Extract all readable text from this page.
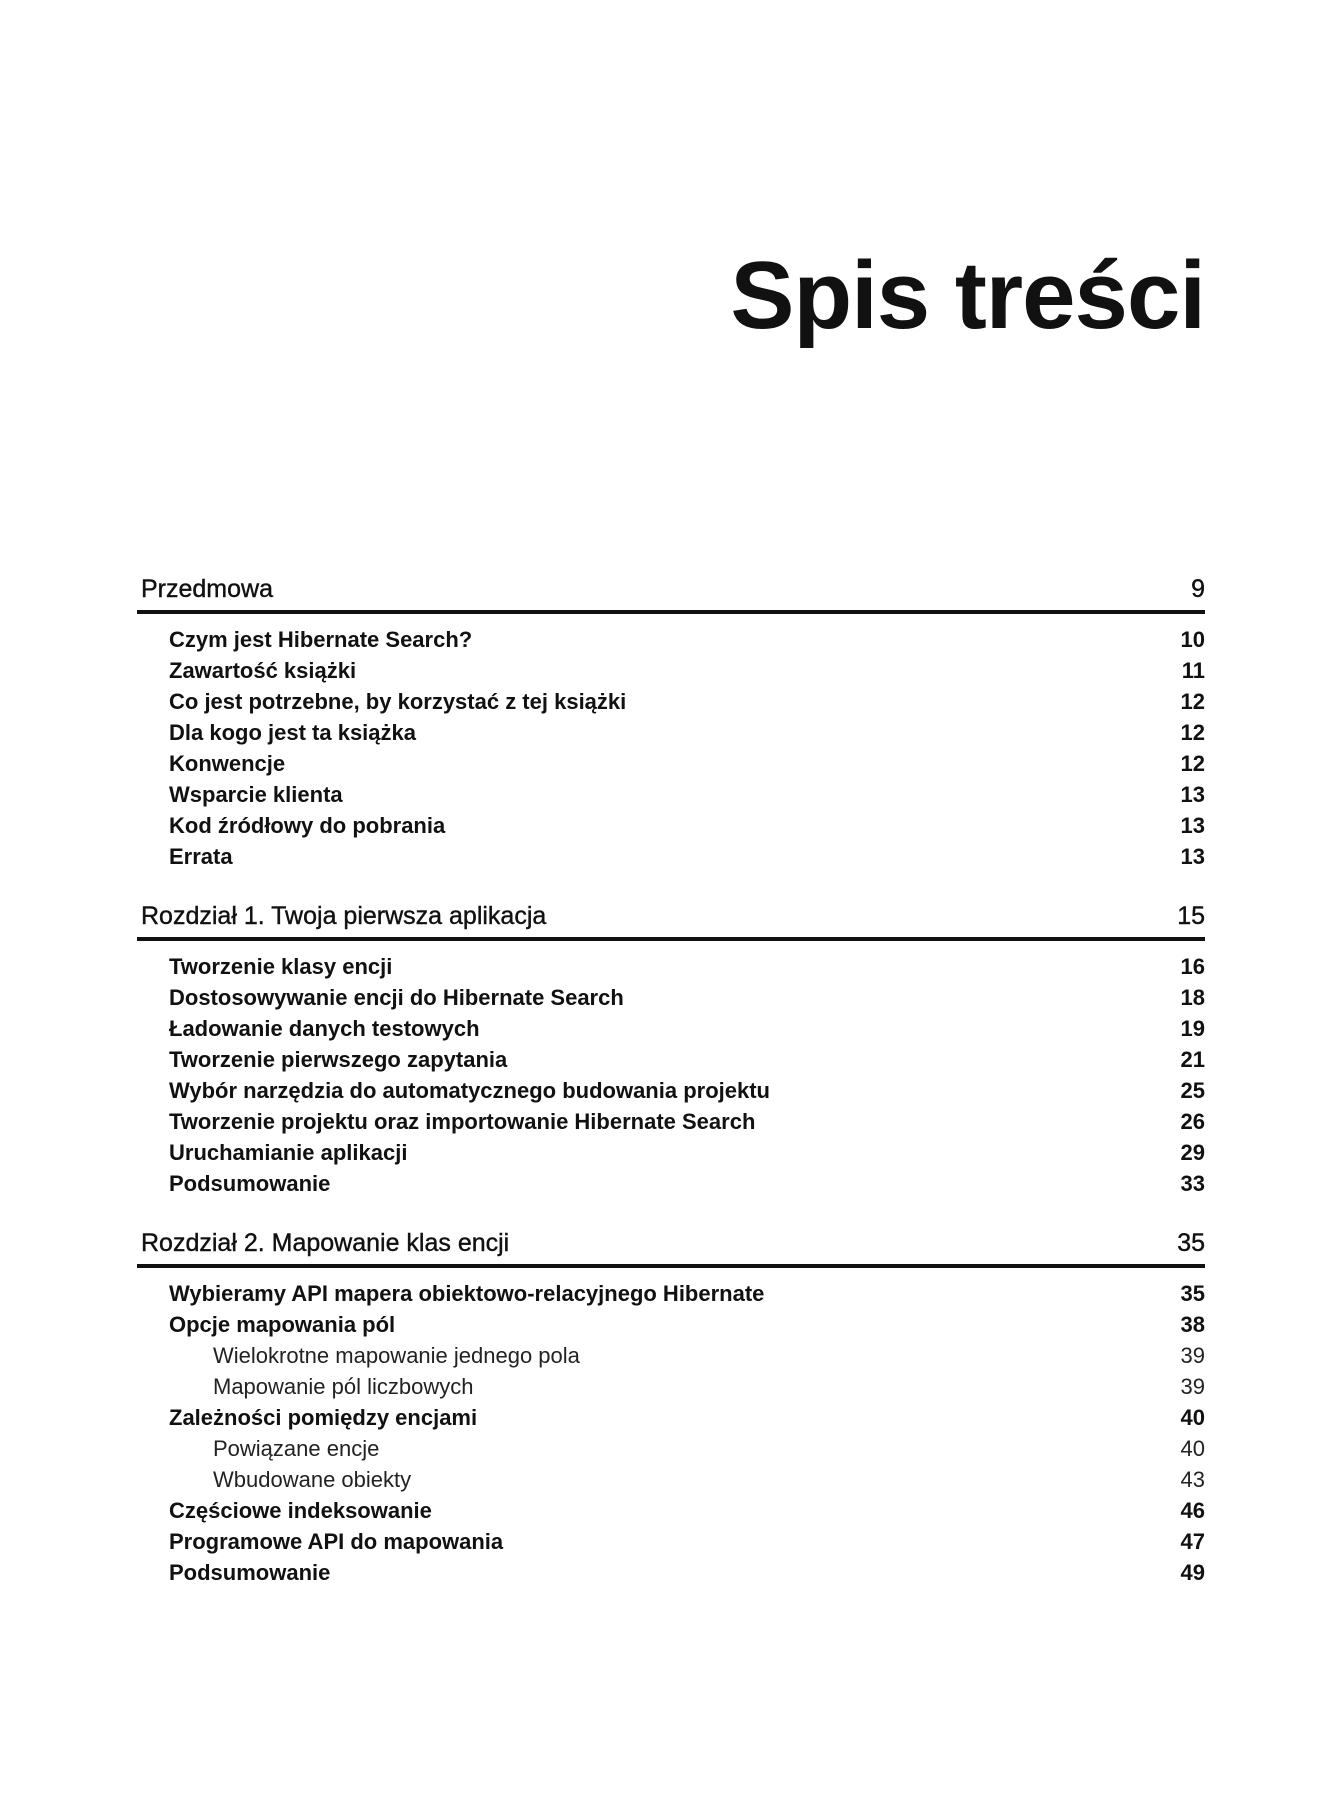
Spis treści
Przedmowa	9
Czym jest Hibernate Search?	10
Zawartość książki	11
Co jest potrzebne, by korzystać z tej książki	12
Dla kogo jest ta książka	12
Konwencje	12
Wsparcie klienta	13
Kod źródłowy do pobrania	13
Errata	13
Rozdział 1. Twoja pierwsza aplikacja	15
Tworzenie klasy encji	16
Dostosowywanie encji do Hibernate Search	18
Ładowanie danych testowych	19
Tworzenie pierwszego zapytania	21
Wybór narzędzia do automatycznego budowania projektu	25
Tworzenie projektu oraz importowanie Hibernate Search	26
Uruchamianie aplikacji	29
Podsumowanie	33
Rozdział 2. Mapowanie klas encji	35
Wybieramy API mapera obiektowo-relacyjnego Hibernate	35
Opcje mapowania pól	38
Wielokrotne mapowanie jednego pola	39
Mapowanie pól liczbowych	39
Zależności pomiędzy encjami	40
Powiązane encje	40
Wbudowane obiekty	43
Częściowe indeksowanie	46
Programowe API do mapowania	47
Podsumowanie	49
